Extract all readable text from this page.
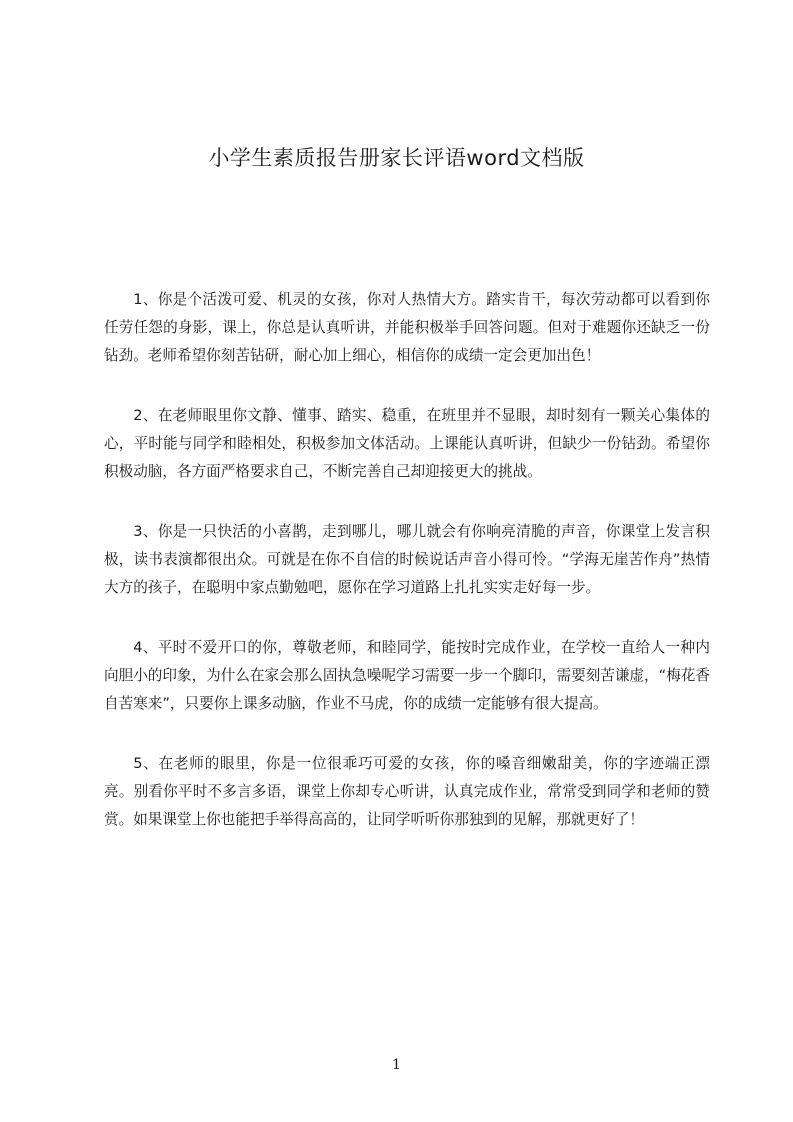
小学生素质报告册家长评语word文档版

1、你是个活泼可爱、机灵的女孩，你对人热情大方。踏实肯干，每次劳动都可以看到你任劳任怨的身影，课上，你总是认真听讲，并能积极举手回答问题。但对于难题你还缺乏一份钻劲。老师希望你刻苦钻研，耐心加上细心，相信你的成绩一定会更加出色！

2、在老师眼里你文静、懂事、踏实、稳重，在班里并不显眼，却时刻有一颗关心集体的心，平时能与同学和睦相处，积极参加文体活动。上课能认真听讲，但缺少一份钻劲。希望你积极动脑，各方面严格要求自己，不断完善自己却迎接更大的挑战。

3、你是一只快活的小喜鹊，走到哪儿，哪儿就会有你响亮清脆的声音，你课堂上发言积极，读书表演都很出众。可就是在你不自信的时候说话声音小得可怜。“学海无崖苦作舟”热情大方的孩子，在聪明中家点勤勉吧，愿你在学习道路上扎扎实实走好每一步。

4、平时不爱开口的你，尊敬老师，和睦同学，能按时完成作业，在学校一直给人一种内向胆小的印象，为什么在家会那么固执急噪呢学习需要一步一个脚印，需要刻苦谦虚，“梅花香自苦寒来”，只要你上课多动脑，作业不马虎，你的成绩一定能够有很大提高。

5、在老师的眼里，你是一位很乖巧可爱的女孩，你的嗓音细嫩甜美，你的字迹端正漂亮。别看你平时不多言多语，课堂上你却专心听讲，认真完成作业，常常受到同学和老师的赞赏。如果课堂上你也能把手举得高高的，让同学听听你那独到的见解，那就更好了！

1
